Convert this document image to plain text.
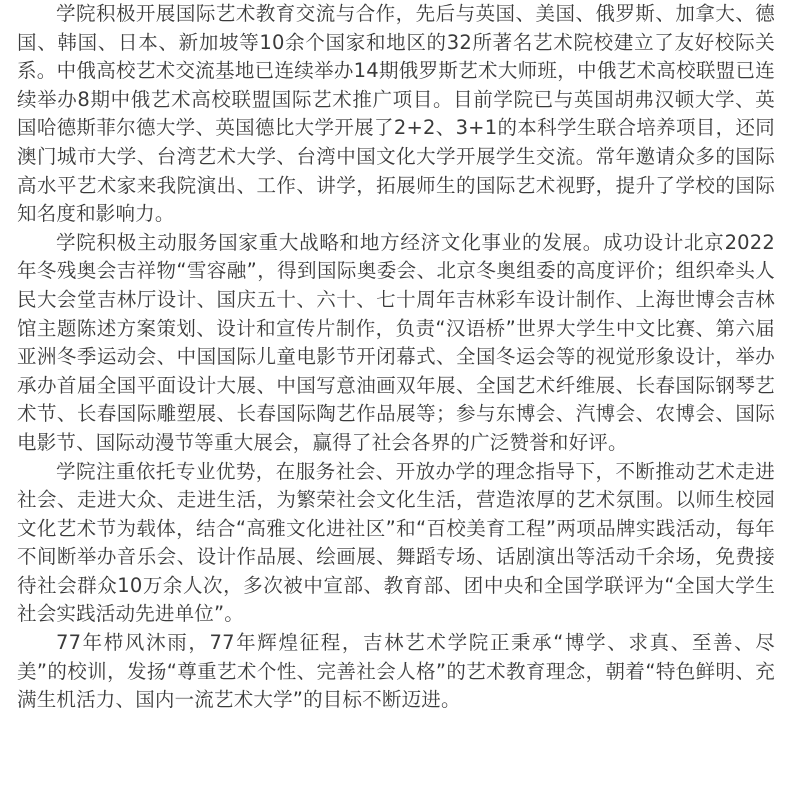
学院积极开展国际艺术教育交流与合作，先后与英国、美国、俄罗斯、加拿大、德国、韩国、日本、新加坡等10余个国家和地区的32所著名艺术院校建立了友好校际关系。中俄高校艺术交流基地已连续举办14期俄罗斯艺术大师班，中俄艺术高校联盟已连续举办8期中俄艺术高校联盟国际艺术推广项目。目前学院已与英国胡弗汉顿大学、英国哈德斯菲尔德大学、英国德比大学开展了2+2、3+1的本科学生联合培养项目，还同澳门城市大学、台湾艺术大学、台湾中国文化大学开展学生交流。常年邀请众多的国际高水平艺术家来我院演出、工作、讲学，拓展师生的国际艺术视野，提升了学校的国际知名度和影响力。

学院积极主动服务国家重大战略和地方经济文化事业的发展。成功设计北京2022年冬残奥会吉祥物“雪容融”，得到国际奥委会、北京冬奥组委的高度评价；组织牵头人民大会堂吉林厅设计、国庆五十、六十、七十周年吉林彩车设计制作、上海世博会吉林馆主题陈述方案策划、设计和宣传片制作，负责“汉语桥”世界大学生中文比赛、第六届亚洲冬季运动会、中国国际儿童电影节开闭幕式、全国冬运会等的视觉形象设计，举办承办首届全国平面设计大展、中国写意油画双年展、全国艺术纤维展、长春国际钢琴艺术节、长春国际雕塑展、长春国际陶艺作品展等；参与东博会、汽博会、农博会、国际电影节、国际动漫节等重大展会，赢得了社会各界的广泛赞誉和好评。

学院注重依托专业优势，在服务社会、开放办学的理念指导下，不断推动艺术走进社会、走进大众、走进生活，为繁荣社会文化生活，营造浓厚的艺术氛围。以师生校园文化艺术节为载体，结合“高雅文化进社区”和“百校美育工程”两项品牌实践活动，每年不间断举办音乐会、设计作品展、绘画展、舞蹈专场、话剧演出等活动千余场，免费接待社会群众10万余人次，多次被中宣部、教育部、团中央和全国学联评为“全国大学生社会实践活动先进单位”。

77年栉风沐雨，77年辉煌征程，吉林艺术学院正秉承“博学、求真、至善、尽美”的校训，发扬“尊重艺术个性、完善社会人格”的艺术教育理念，朝着“特色鲜明、充满生机活力、国内一流艺术大学”的目标不断迈进。
